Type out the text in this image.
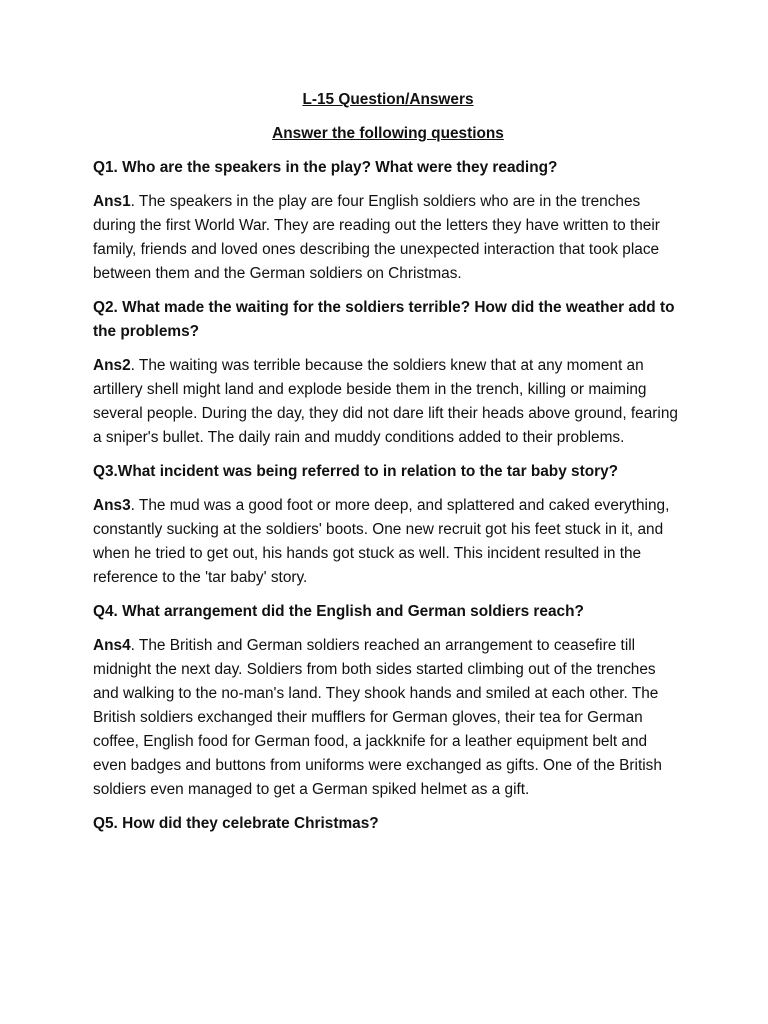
L-15 Question/Answers

Answer the following questions

Q1. Who are the speakers in the play? What were they reading?

Ans1. The speakers in the play are four English soldiers who are in the trenches during the first World War. They are reading out the letters they have written to their family, friends and loved ones describing the unexpected interaction that took place between them and the German soldiers on Christmas.

Q2. What made the waiting for the soldiers terrible? How did the weather add to the problems?

Ans2. The waiting was terrible because the soldiers knew that at any moment an artillery shell might land and explode beside them in the trench, killing or maiming several people. During the day, they did not dare lift their heads above ground, fearing a sniper's bullet. The daily rain and muddy conditions added to their problems.

Q3.What incident was being referred to in relation to the tar baby story?

Ans3. The mud was a good foot or more deep, and splattered and caked everything, constantly sucking at the soldiers' boots. One new recruit got his feet stuck in it, and when he tried to get out, his hands got stuck as well. This incident resulted in the reference to the 'tar baby' story.

Q4. What arrangement did the English and German soldiers reach?

Ans4. The British and German soldiers reached an arrangement to ceasefire till midnight the next day. Soldiers from both sides started climbing out of the trenches and walking to the no-man's land. They shook hands and smiled at each other. The British soldiers exchanged their mufflers for German gloves, their tea for German coffee, English food for German food, a jackknife for a leather equipment belt and even badges and buttons from uniforms were exchanged as gifts. One of the British soldiers even managed to get a German spiked helmet as a gift.

Q5. How did they celebrate Christmas?
